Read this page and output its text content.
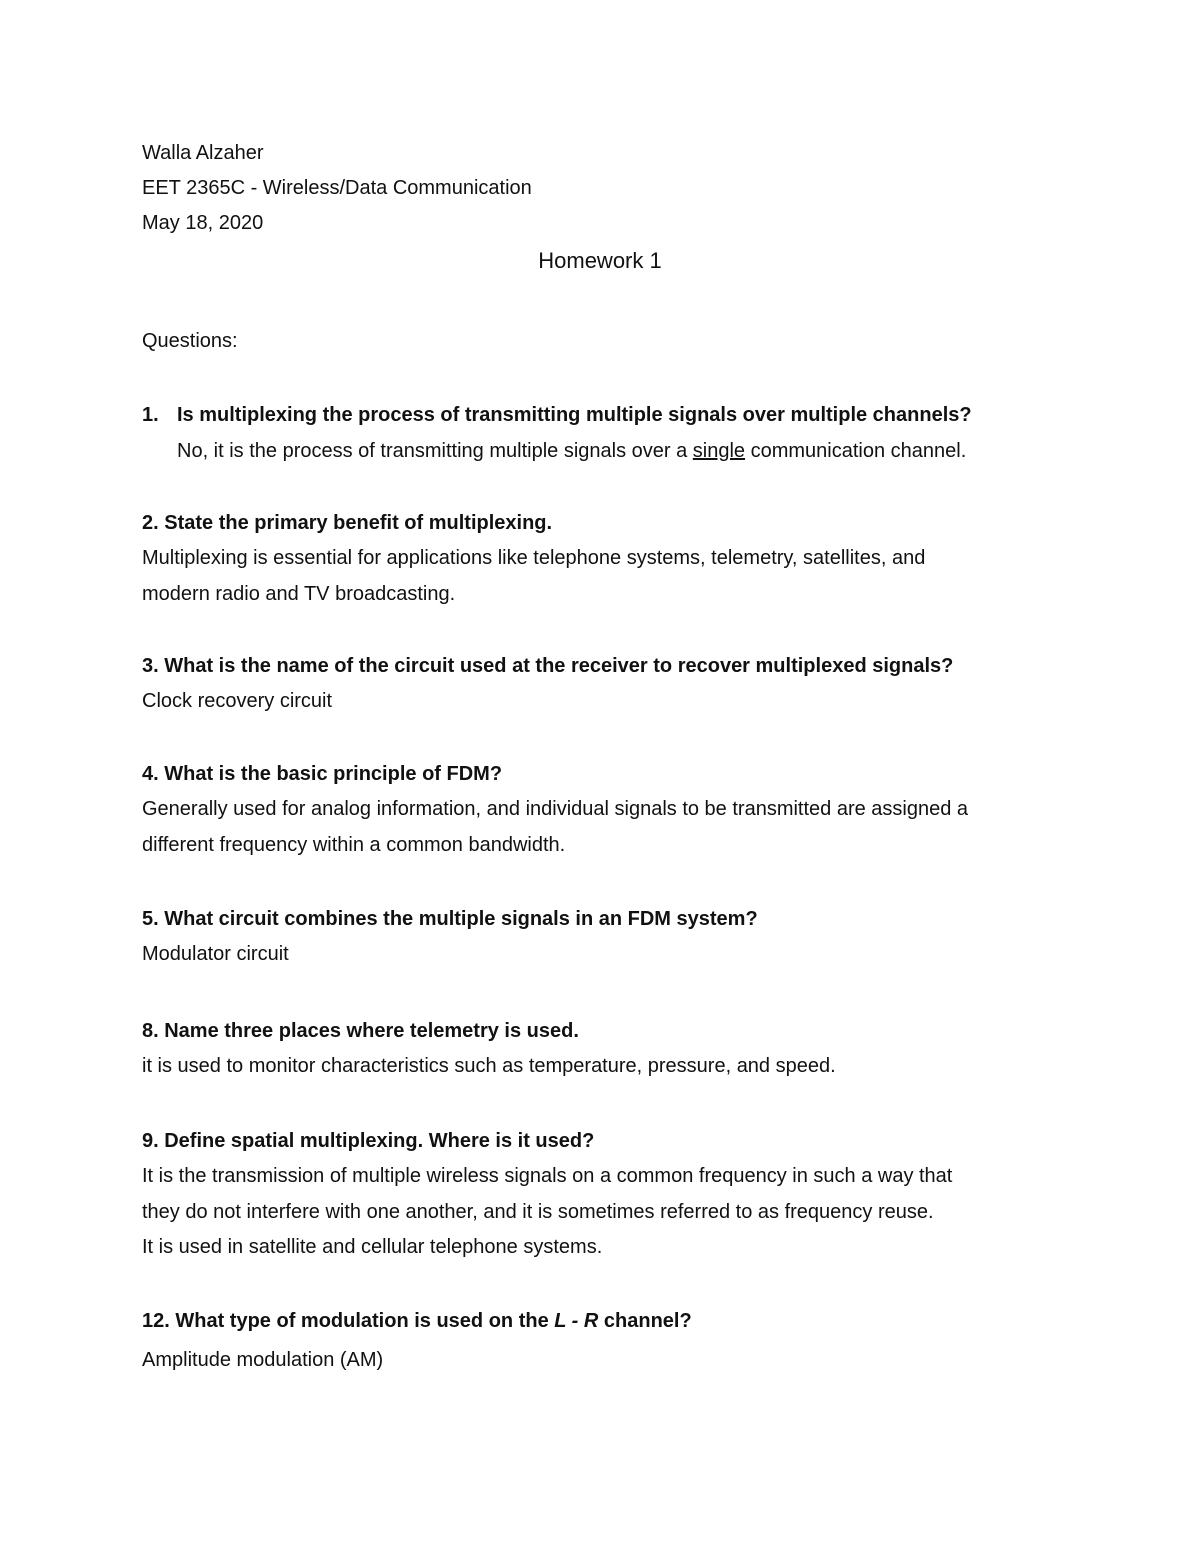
Walla Alzaher
EET 2365C - Wireless/Data Communication
May 18, 2020
Homework 1
Questions:
1. Is multiplexing the process of transmitting multiple signals over multiple channels?
No, it is the process of transmitting multiple signals over a single communication channel.
2. State the primary benefit of multiplexing.
Multiplexing is essential for applications like telephone systems, telemetry, satellites, and
modern radio and TV broadcasting.
3. What is the name of the circuit used at the receiver to recover multiplexed signals?
Clock recovery circuit
4. What is the basic principle of FDM?
Generally used for analog information, and individual signals to be transmitted are assigned a
different frequency within a common bandwidth.
5. What circuit combines the multiple signals in an FDM system?
Modulator circuit
8. Name three places where telemetry is used.
it is used to monitor characteristics such as temperature, pressure, and speed.
9. Define spatial multiplexing. Where is it used?
It is the transmission of multiple wireless signals on a common frequency in such a way that
they do not interfere with one another, and it is sometimes referred to as frequency reuse.
It is used in satellite and cellular telephone systems.
12. What type of modulation is used on the L - R channel?
Amplitude modulation (AM)
